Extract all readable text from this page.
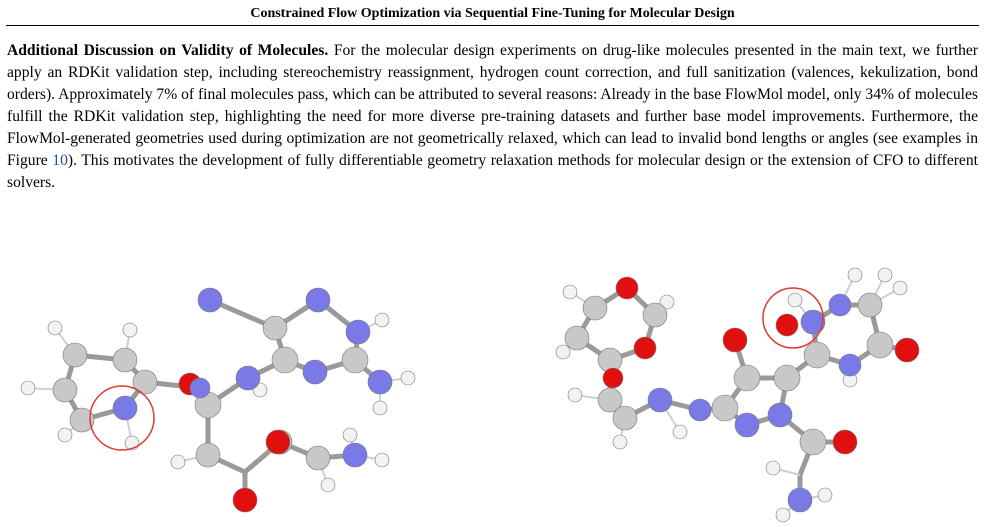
Constrained Flow Optimization via Sequential Fine-Tuning for Molecular Design
Additional Discussion on Validity of Molecules. For the molecular design experiments on drug-like molecules presented in the main text, we further apply an RDKit validation step, including stereochemistry reassignment, hydrogen count correction, and full sanitization (valences, kekulization, bond orders). Approximately 7% of final molecules pass, which can be attributed to several reasons: Already in the base FlowMol model, only 34% of molecules fulfill the RDKit validation step, highlighting the need for more diverse pre-training datasets and further base model improvements. Furthermore, the FlowMol-generated geometries used during optimization are not geometrically relaxed, which can lead to invalid bond lengths or angles (see examples in Figure 10). This motivates the development of fully differentiable geometry relaxation methods for molecular design or the extension of CFO to different solvers.
